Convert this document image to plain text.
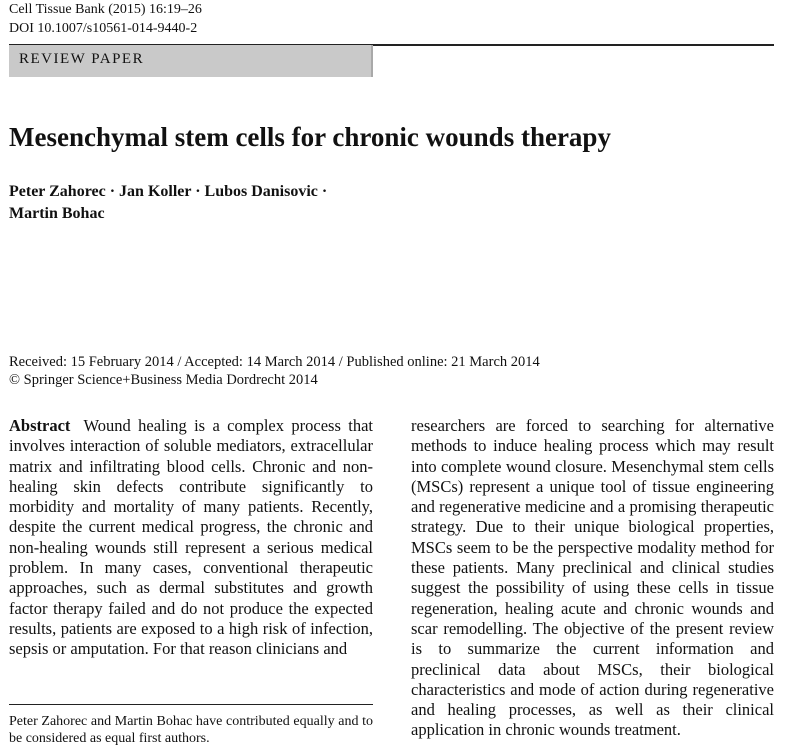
Cell Tissue Bank (2015) 16:19–26
DOI 10.1007/s10561-014-9440-2
REVIEW PAPER
Mesenchymal stem cells for chronic wounds therapy
Peter Zahorec · Jan Koller · Lubos Danisovic ·
Martin Bohac
Received: 15 February 2014 / Accepted: 14 March 2014 / Published online: 21 March 2014
© Springer Science+Business Media Dordrecht 2014
Abstract Wound healing is a complex process that involves interaction of soluble mediators, extracellular matrix and infiltrating blood cells. Chronic and non-healing skin defects contribute significantly to morbidity and mortality of many patients. Recently, despite the current medical progress, the chronic and non-healing wounds still represent a serious medical problem. In many cases, conventional therapeutic approaches, such as dermal substitutes and growth factor therapy failed and do not produce the expected results, patients are exposed to a high risk of infection, sepsis or amputation. For that reason clinicians and
researchers are forced to searching for alternative methods to induce healing process which may result into complete wound closure. Mesenchymal stem cells (MSCs) represent a unique tool of tissue engineering and regenerative medicine and a promising therapeutic strategy. Due to their unique biological properties, MSCs seem to be the perspective modality method for these patients. Many preclinical and clinical studies suggest the possibility of using these cells in tissue regeneration, healing acute and chronic wounds and scar remodelling. The objective of the present review is to summarize the current information and preclinical data about MSCs, their biological characteristics and mode of action during regenerative and healing processes, as well as their clinical application in chronic wounds treatment.
Peter Zahorec and Martin Bohac have contributed equally and to be considered as equal first authors.
